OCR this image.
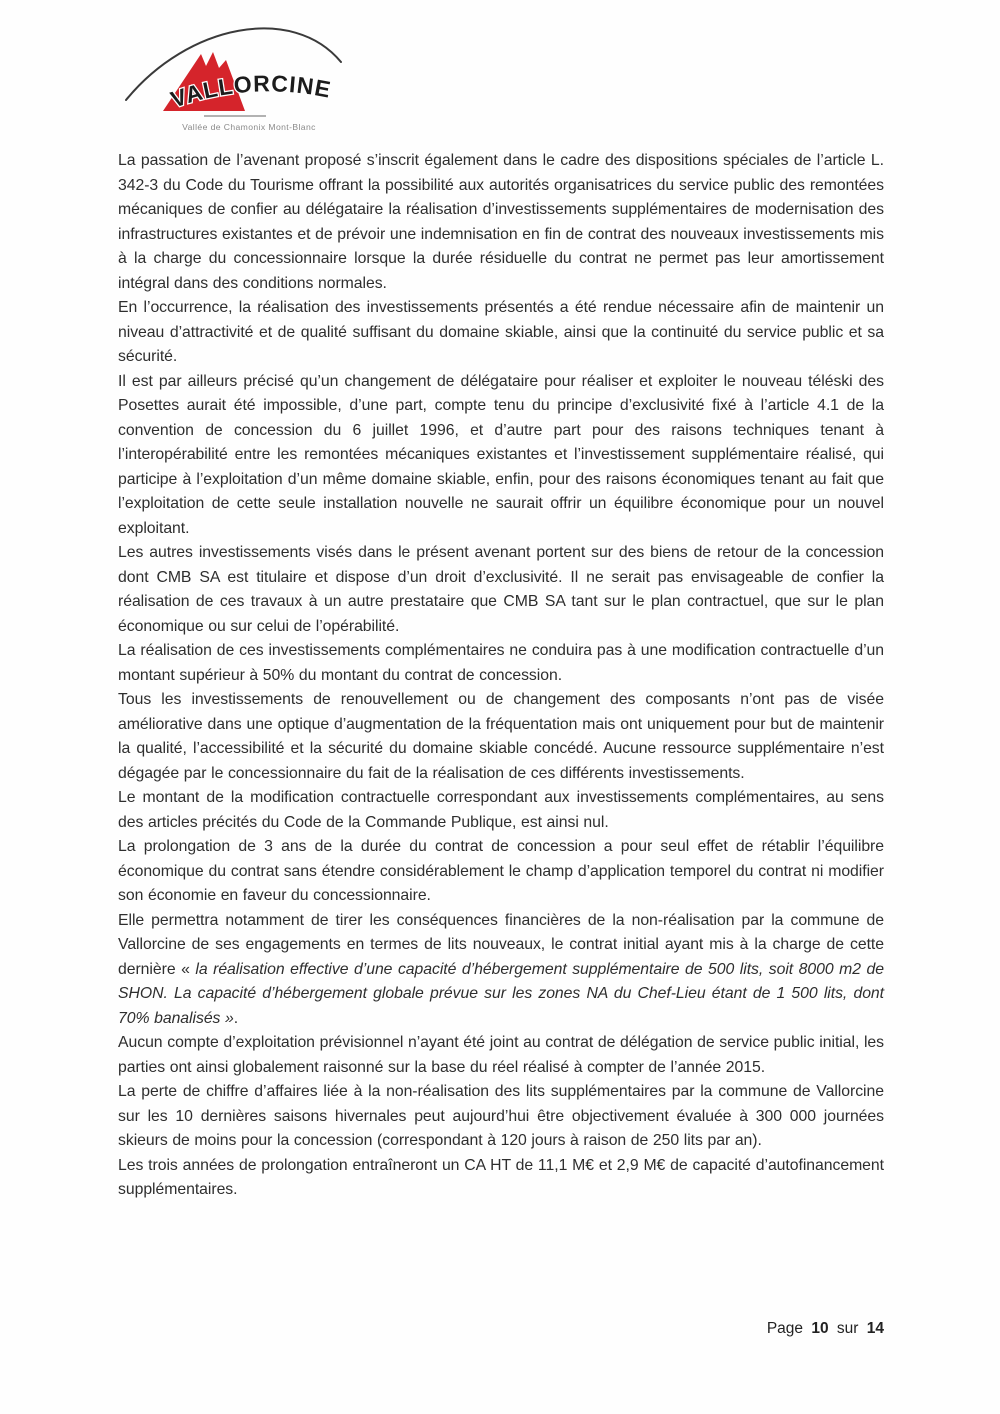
VALLORCINE
Vallée de Chamonix Mont-Blanc

La passation de l’avenant proposé s’inscrit également dans le cadre des dispositions spéciales de l’article L. 342-3 du Code du Tourisme offrant la possibilité aux autorités organisatrices du service public des remontées mécaniques de confier au délégataire la réalisation d’investissements supplémentaires de modernisation des infrastructures existantes et de prévoir une indemnisation en fin de contrat des nouveaux investissements mis à la charge du concessionnaire lorsque la durée résiduelle du contrat ne permet pas leur amortissement intégral dans des conditions normales.

En l’occurrence, la réalisation des investissements présentés a été rendue nécessaire afin de maintenir un niveau d’attractivité et de qualité suffisant du domaine skiable, ainsi que la continuité du service public et sa sécurité.

Il est par ailleurs précisé qu’un changement de délégataire pour réaliser et exploiter le nouveau téléski des Posettes aurait été impossible, d’une part, compte tenu du principe d’exclusivité fixé à l’article 4.1 de la convention de concession du 6 juillet 1996, et d’autre part pour des raisons techniques tenant à l’interopérabilité entre les remontées mécaniques existantes et l’investissement supplémentaire réalisé, qui participe à l’exploitation d’un même domaine skiable, enfin, pour des raisons économiques tenant au fait que l’exploitation de cette seule installation nouvelle ne saurait offrir un équilibre économique pour un nouvel exploitant.

Les autres investissements visés dans le présent avenant portent sur des biens de retour de la concession dont CMB SA est titulaire et dispose d’un droit d’exclusivité. Il ne serait pas envisageable de confier la réalisation de ces travaux à un autre prestataire que CMB SA tant sur le plan contractuel, que sur le plan économique ou sur celui de l’opérabilité.

La réalisation de ces investissements complémentaires ne conduira pas à une modification contractuelle d’un montant supérieur à 50% du montant du contrat de concession.

Tous les investissements de renouvellement ou de changement des composants n’ont pas de visée améliorative dans une optique d’augmentation de la fréquentation mais ont uniquement pour but de maintenir la qualité, l’accessibilité et la sécurité du domaine skiable concédé. Aucune ressource supplémentaire n’est dégagée par le concessionnaire du fait de la réalisation de ces différents investissements.

Le montant de la modification contractuelle correspondant aux investissements complémentaires, au sens des articles précités du Code de la Commande Publique, est ainsi nul.

La prolongation de 3 ans de la durée du contrat de concession a pour seul effet de rétablir l’équilibre économique du contrat sans étendre considérablement le champ d’application temporel du contrat ni modifier son économie en faveur du concessionnaire.

Elle permettra notamment de tirer les conséquences financières de la non-réalisation par la commune de Vallorcine de ses engagements en termes de lits nouveaux, le contrat initial ayant mis à la charge de cette dernière « la réalisation effective d’une capacité d’hébergement supplémentaire de 500 lits, soit 8000 m2 de SHON. La capacité d’hébergement globale prévue sur les zones NA du Chef-Lieu étant de 1 500 lits, dont 70% banalisés ».

Aucun compte d’exploitation prévisionnel n’ayant été joint au contrat de délégation de service public initial, les parties ont ainsi globalement raisonné sur la base du réel réalisé à compter de l’année 2015.

La perte de chiffre d’affaires liée à la non-réalisation des lits supplémentaires par la commune de Vallorcine sur les 10 dernières saisons hivernales peut aujourd’hui être objectivement évaluée à 300 000 journées skieurs de moins pour la concession (correspondant à 120 jours à raison de 250 lits par an).

Les trois années de prolongation entraîneront un CA HT de 11,1 M€ et 2,9 M€ de capacité d’autofinancement supplémentaires.

Page 10 sur 14
